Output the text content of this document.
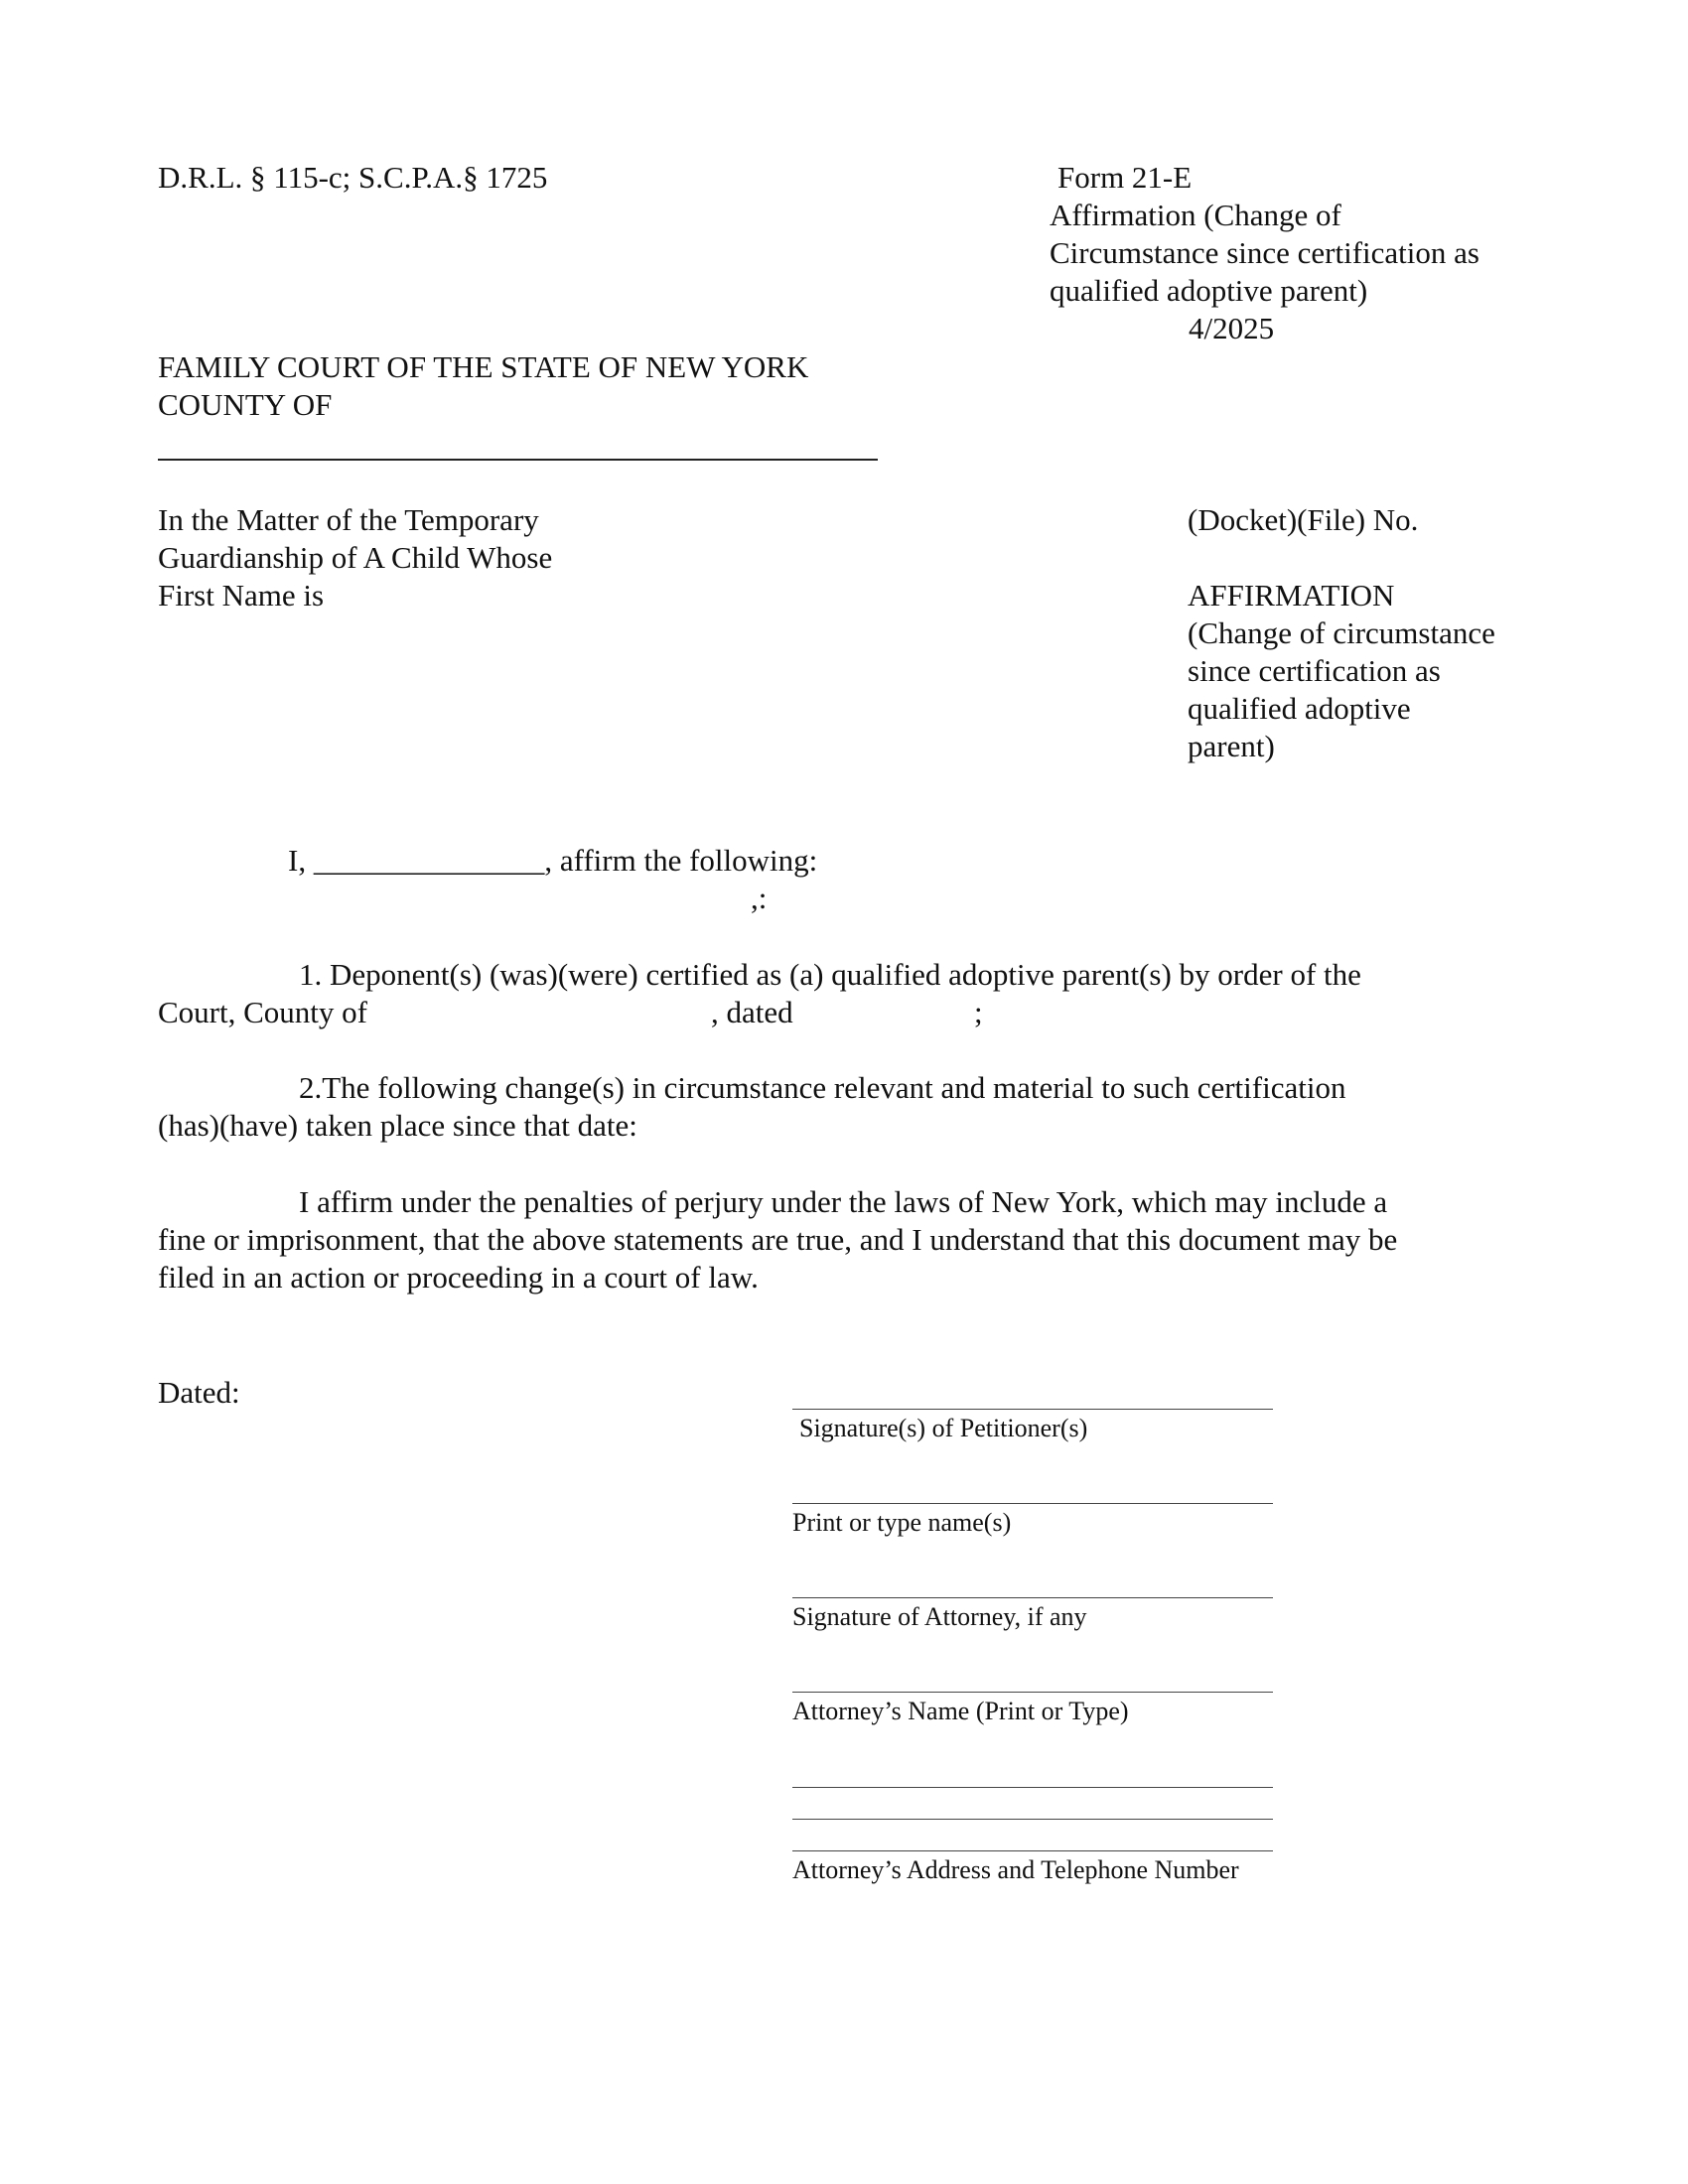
D.R.L. § 115-c; S.C.P.A.§ 1725	Form 21-E
Affirmation (Change of
Circumstance since certification as
qualified adoptive parent)
4/2025
FAMILY COURT OF THE STATE OF NEW YORK
COUNTY OF
In the Matter of the Temporary
Guardianship of A Child Whose
First Name is
(Docket)(File) No.
AFFIRMATION
(Change of circumstance
since certification as
qualified adoptive
parent)
I, _______________, affirm the following:
,:
1. Deponent(s) (was)(were) certified as (a) qualified adoptive parent(s) by order of the
Court, County of	, dated	;
2.The following change(s) in circumstance relevant and material to such certification
(has)(have) taken place since that date:
I affirm under the penalties of perjury under the laws of New York, which may include a
fine or imprisonment, that the above statements are true, and I understand that this document may be
filed in an action or proceeding in a court of law.
Dated:
Signature(s) of Petitioner(s)
Print or type name(s)
Signature of Attorney, if any
Attorney’s Name (Print or Type)
Attorney’s Address and Telephone Number
